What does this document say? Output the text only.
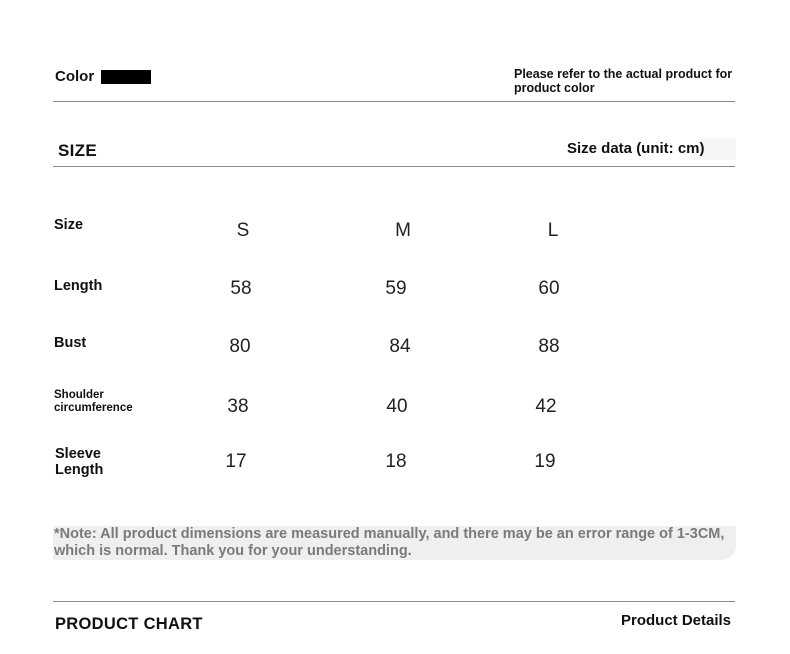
Color	Please refer to the actual product for product color
SIZE	Size data (unit: cm)
Size	S	M	L
Length	58	59	60
Bust	80	84	88
Shoulder
circumference	38	40	42
Sleeve
Length	17	18	19
*Note: All product dimensions are measured manually, and there may be an error range of 1-3CM, which is normal. Thank you for your understanding.
PRODUCT CHART	Product Details
